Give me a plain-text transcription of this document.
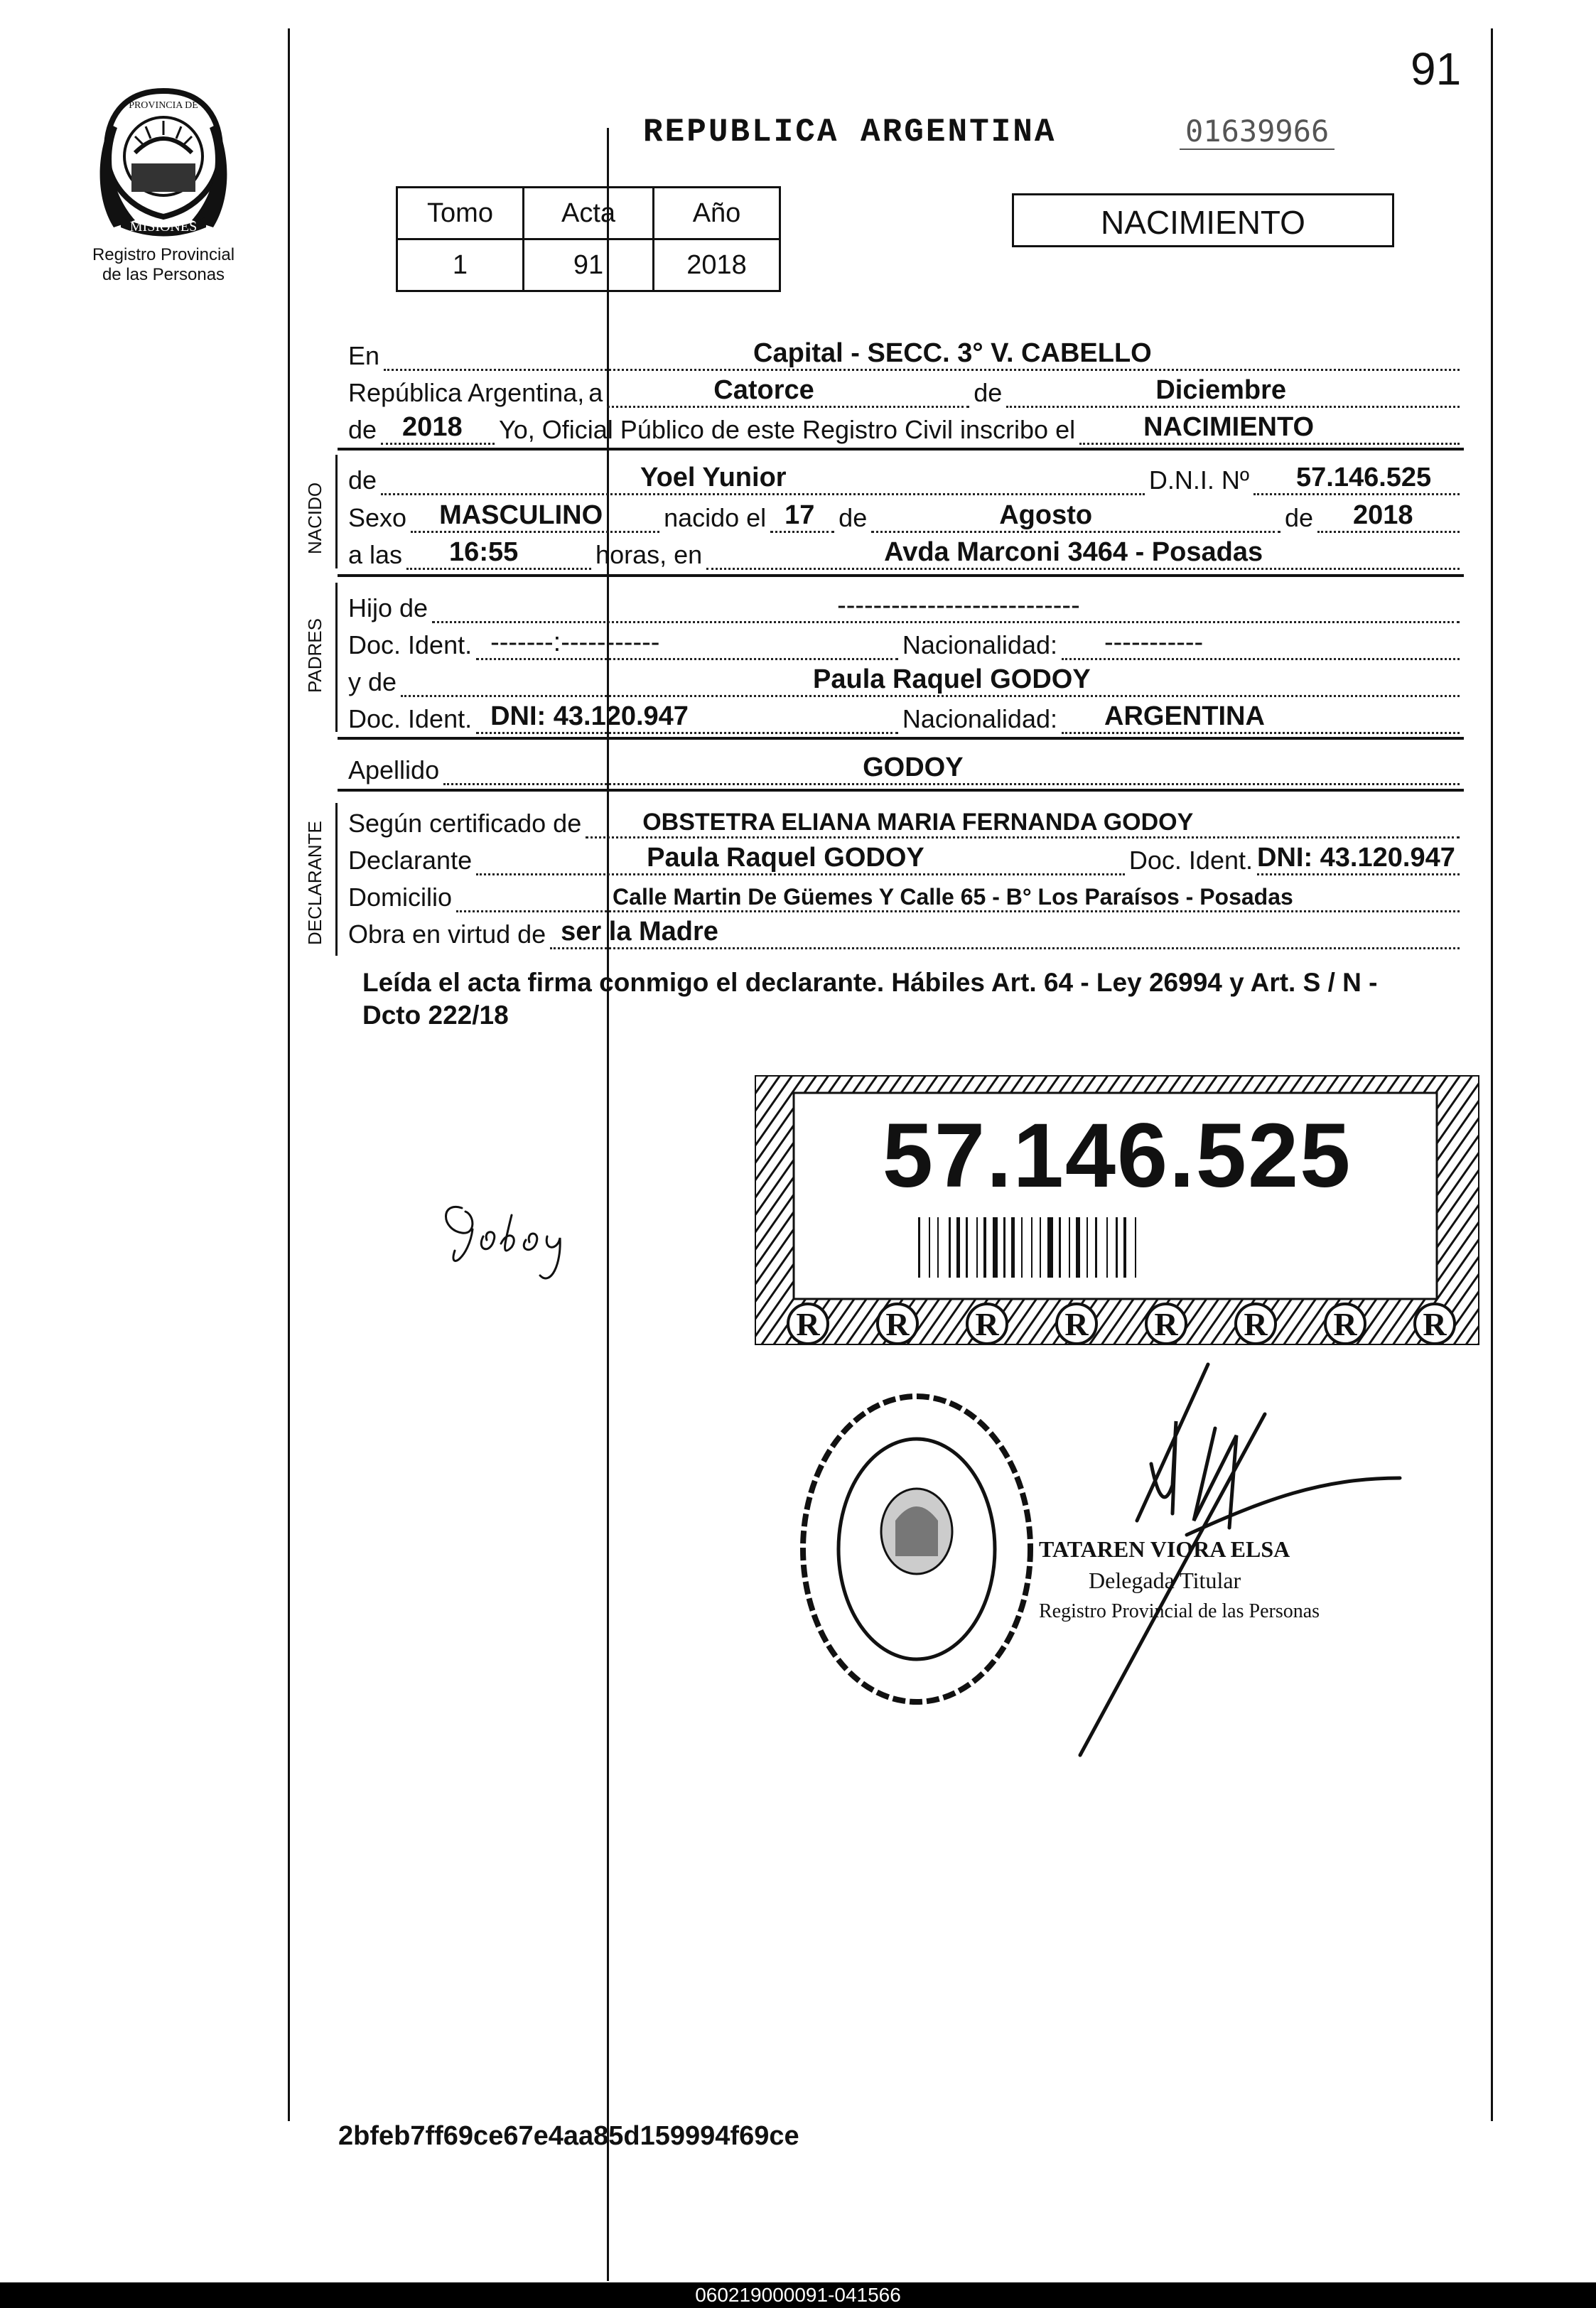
91
MISIONES
PROVINCIA DE
Registro Provincial
de las Personas
REPUBLICA ARGENTINA	01639966
Tomo	Acta	Año
1	91	2018
NACIMIENTO
En	Capital - SECC. 3° V. CABELLO
República Argentina, a	Catorce	de	Diciembre
de 2018 Yo, Oficial Público de este Registro Civil inscribo el	NACIMIENTO
NACIDO
de	Yoel Yunior	D.N.I. Nº 57.146.525
Sexo MASCULINO nacido el 17 de	Agosto	de 2018
a las 16:55	horas, en	Avda Marconi 3464 - Posadas
PADRES
Hijo de	---------------------------
Doc. Ident. -------:-----------	Nacionalidad: -----------
y de	Paula Raquel GODOY
Doc. Ident. DNI: 43.120.947	Nacionalidad: ARGENTINA
Apellido	GODOY
DECLARANTE Según certificado de	OBSTETRA ELIANA MARIA FERNANDA GODOY
Declarante	Paula Raquel GODOY	Doc. Ident. DNI: 43.120.947
Domicilio	Calle Martin De Güemes Y Calle 65 - B° Los Paraísos - Posadas
Obra en virtud de ser la Madre
Leída el acta firma conmigo el declarante. Hábiles Art. 64 - Ley 26994 y Art. S / N - Dcto 222/18
R R R R R R R R
57.146.525
TATAREN VIORA ELSA
Delegada Titular
Registro Provincial de las Personas
2bfeb7ff69ce67e4aa85d159994f69ce
060219000091-041566
